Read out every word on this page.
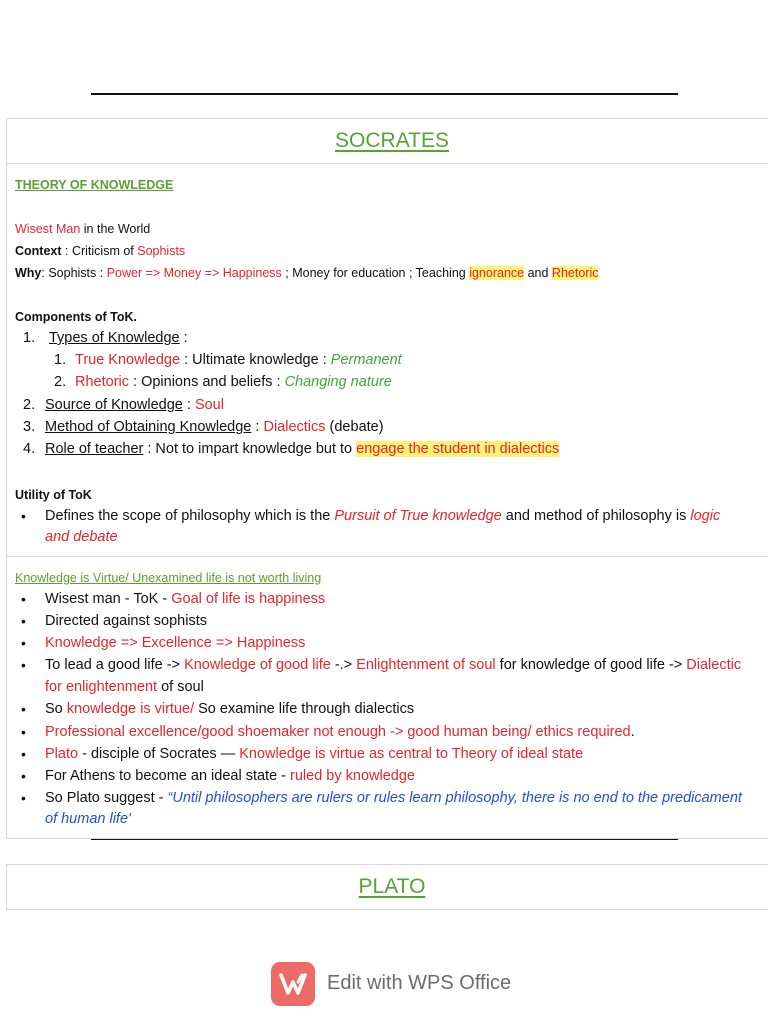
SOCRATES
THEORY OF KNOWLEDGE
Wisest Man in the World
Context : Criticism of Sophists
Why: Sophists : Power => Money => Happiness ; Money for education ; Teaching ignorance and Rhetoric
Components of ToK.
1. Types of Knowledge :
1. True Knowledge : Ultimate knowledge : Permanent
2. Rhetoric : Opinions and beliefs : Changing nature
2. Source of Knowledge : Soul
3. Method of Obtaining Knowledge : Dialectics (debate)
4. Role of teacher : Not to impart knowledge but to engage the student in dialectics
Utility of ToK
• Defines the scope of philosophy which is the Pursuit of True knowledge and method of philosophy is logic
and debate
Knowledge is Virtue/ Unexamined life is not worth living
• Wisest man - ToK - Goal of life is happiness
• Directed against sophists
• Knowledge => Excellence => Happiness
• To lead a good life -> Knowledge of good life -.> Enlightenment of soul for knowledge of good life -> Dialectic
for enlightenment of soul
• So knowledge is virtue/ So examine life through dialectics
• Professional excellence/good shoemaker not enough -> good human being/ ethics required.
• Plato - disciple of Socrates — Knowledge is virtue as central to Theory of ideal state
• For Athens to become an ideal state - ruled by knowledge
• So Plato suggest - “Until philosophers are rulers or rules learn philosophy, there is no end to the predicament
of human life'
PLATO
Edit with WPS Office
